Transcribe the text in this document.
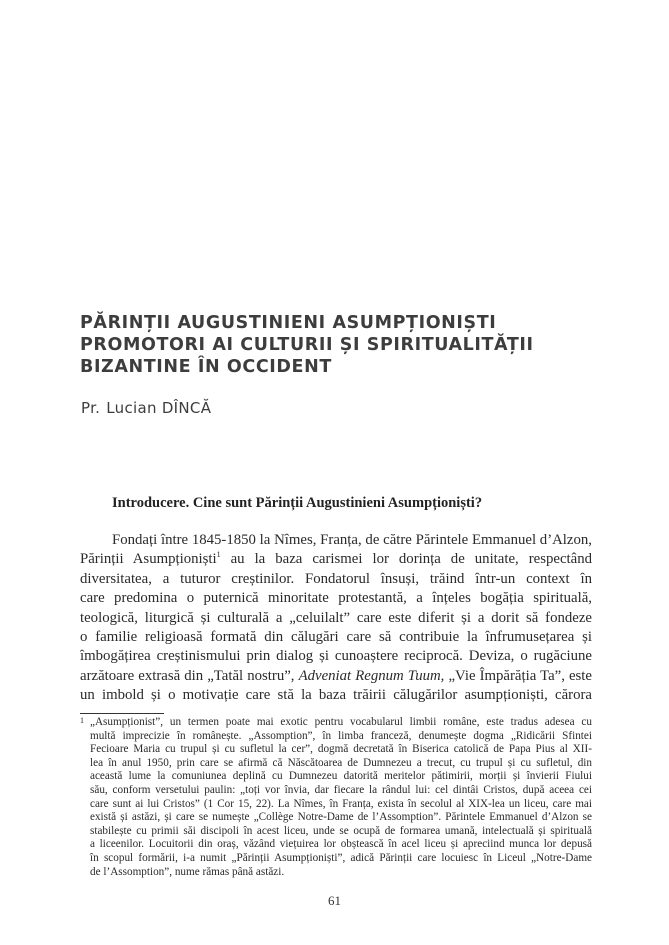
PĂRINȚII AUGUSTINIENI ASUMPȚIONIȘTI
PROMOTORI AI CULTURII ȘI SPIRITUALITĂȚII
BIZANTINE ÎN OCCIDENT
Pr. Lucian DÎNCĂ
Introducere. Cine sunt Părinții Augustinieni Asumpționiști?
Fondați între 1845-1850 la Nîmes, Franța, de către Părintele Emmanuel d’Alzon,
Părinții Asumpționiști$^1$ au la baza carismei lor dorința de unitate, respectând
diversitatea, a tuturor creștinilor. Fondatorul însuși, trăind într-un context în
care predomina o puternică minoritate protestantă, a înțeles bogăția spirituală,
teologică, liturgică și culturală a „celuilalt” care este diferit și a dorit să fondeze
o familie religioasă formată din călugări care să contribuie la înfrumusețarea și
îmbogățirea creștinismului prin dialog și cunoaștere reciprocă. Deviza, o rugăciune
arzătoare extrasă din „Tatăl nostru”, Adveniat Regnum Tuum, „Vie Împărăția Ta”, este
un imbold și o motivație care stă la baza trăirii călugărilor asumpționiști, cărora
1 „Asumpționist”, un termen poate mai exotic pentru vocabularul limbii române, este tradus adesea cu
multă imprecizie în românește. „Assomption”, în limba franceză, denumește dogma „Ridicării Sfintei
Fecioare Maria cu trupul și cu sufletul la cer”, dogmă decretată în Biserica catolică de Papa Pius al XII-
lea în anul 1950, prin care se afirmă că Născătoarea de Dumnezeu a trecut, cu trupul și cu sufletul, din
această lume la comuniunea deplină cu Dumnezeu datorită meritelor pătimirii, morții și învierii Fiului
său, conform versetului paulin: „toți vor învia, dar fiecare la rândul lui: cel dintâi Cristos, după aceea cei
care sunt ai lui Cristos” (1 Cor 15, 22). La Nîmes, în Franța, exista în secolul al XIX-lea un liceu, care mai
există și astăzi, și care se numește „Collège Notre-Dame de l’Assomption”. Părintele Emmanuel d’Alzon se
stabilește cu primii săi discipoli în acest liceu, unde se ocupă de formarea umană, intelectuală și spirituală
a liceenilor. Locuitorii din oraș, văzând viețuirea lor obștească în acel liceu și apreciind munca lor depusă
în scopul formării, i-a numit „Părinții Asumpționiști”, adică Părinții care locuiesc în Liceul „Notre-Dame
de l’Assomption”, nume rămas până astăzi.
61
